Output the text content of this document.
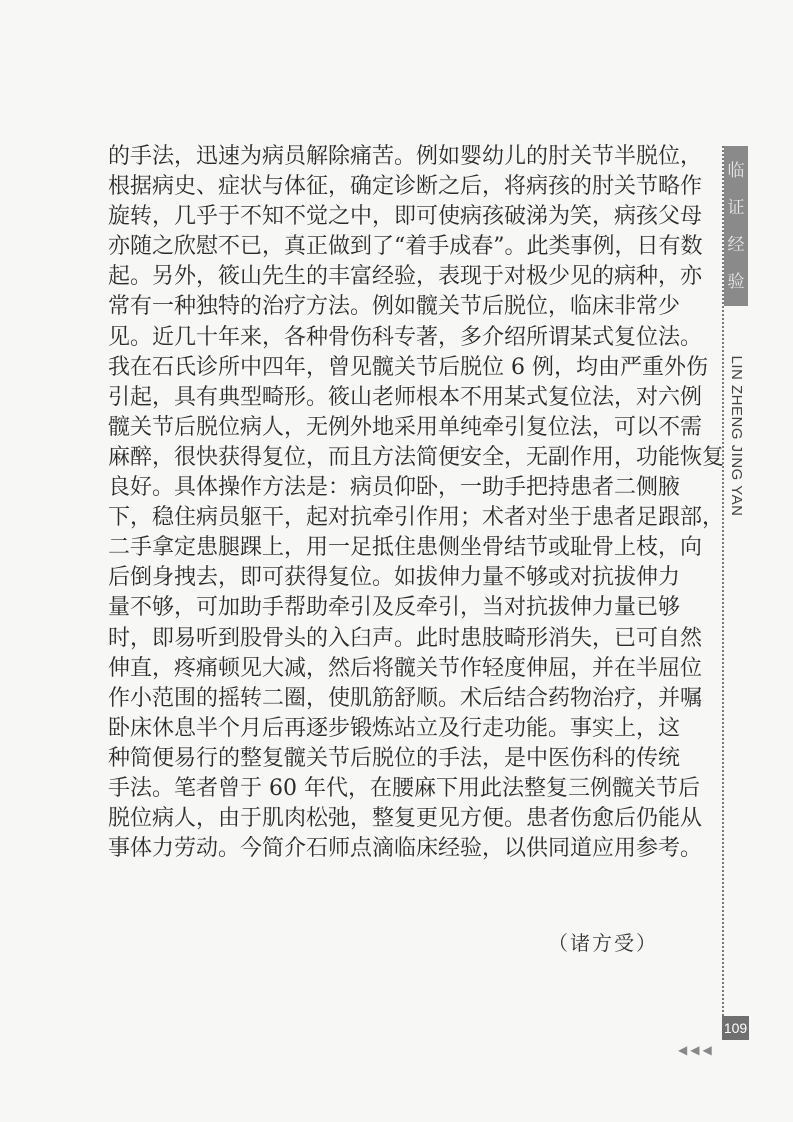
的手法，迅速为病员解除痛苦。例如婴幼儿的肘关节半脱位，
根据病史、症状与体征，确定诊断之后，将病孩的肘关节略作
旋转，几乎于不知不觉之中，即可使病孩破涕为笑，病孩父母
亦随之欣慰不已，真正做到了“着手成春”。此类事例，日有数
起。另外，筱山先生的丰富经验，表现于对极少见的病种，亦
常有一种独特的治疗方法。例如髋关节后脱位，临床非常少
见。近几十年来，各种骨伤科专著，多介绍所谓某式复位法。
我在石氏诊所中四年，曾见髋关节后脱位 6 例，均由严重外伤
引起，具有典型畸形。筱山老师根本不用某式复位法，对六例
髋关节后脱位病人，无例外地采用单纯牵引复位法，可以不需
麻醉，很快获得复位，而且方法简便安全，无副作用，功能恢复
良好。具体操作方法是：病员仰卧，一助手把持患者二侧腋
下，稳住病员躯干，起对抗牵引作用；术者对坐于患者足跟部，
二手拿定患腿踝上，用一足抵住患侧坐骨结节或耻骨上枝，向
后倒身拽去，即可获得复位。如拔伸力量不够或对抗拔伸力
量不够，可加助手帮助牵引及反牵引，当对抗拔伸力量已够
时，即易听到股骨头的入臼声。此时患肢畸形消失，已可自然
伸直，疼痛顿见大减，然后将髋关节作轻度伸屈，并在半屈位
作小范围的摇转二圈，使肌筋舒顺。术后结合药物治疗，并嘱
卧床休息半个月后再逐步锻炼站立及行走功能。事实上，这
种简便易行的整复髋关节后脱位的手法，是中医伤科的传统
手法。笔者曾于 60 年代，在腰麻下用此法整复三例髋关节后
脱位病人，由于肌肉松弛，整复更见方便。患者伤愈后仍能从
事体力劳动。今简介石师点滴临床经验，以供同道应用参考。
（诸方受）
临
证
经
验
LIN ZHENG JING YAN
109
◀◀◀
